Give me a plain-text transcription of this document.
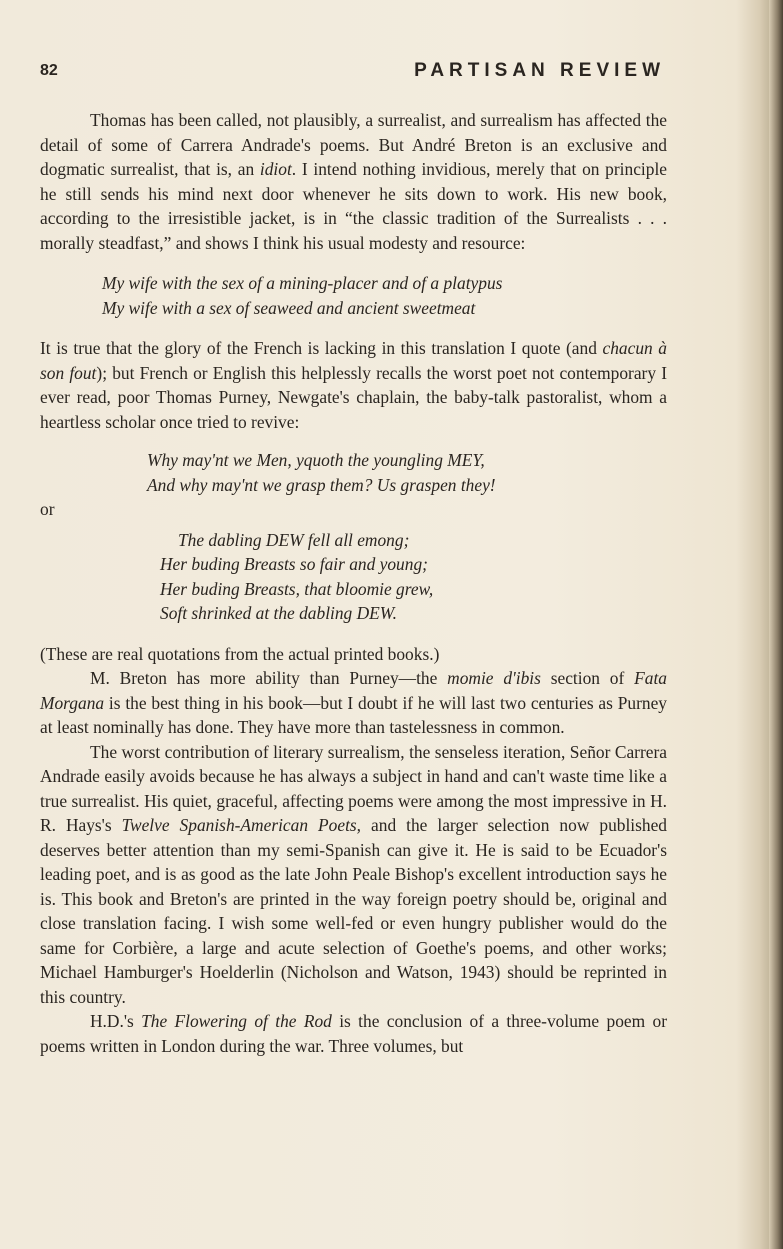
82	PARTISAN REVIEW

Thomas has been called, not plausibly, a surrealist, and surrealism has affected the detail of some of Carrera Andrade's poems. But André Breton is an exclusive and dogmatic surrealist, that is, an idiot. I intend nothing invidious, merely that on principle he still sends his mind next door whenever he sits down to work. His new book, according to the irresistible jacket, is in “the classic tradition of the Surrealists . . . morally steadfast,” and shows I think his usual modesty and resource:

My wife with the sex of a mining-placer and of a platypus
My wife with a sex of seaweed and ancient sweetmeat

It is true that the glory of the French is lacking in this translation I quote (and chacun à son fout); but French or English this helplessly recalls the worst poet not contemporary I ever read, poor Thomas Purney, Newgate's chaplain, the baby-talk pastoralist, whom a heartless scholar once tried to revive:

Why may'nt we Men, yquoth the youngling MEY,
And why may'nt we grasp them? Us graspen they!

or

The dabling DEW fell all emong;
Her buding Breasts so fair and young;
Her buding Breasts, that bloomie grew,
Soft shrinked at the dabling DEW.

(These are real quotations from the actual printed books.)

M. Breton has more ability than Purney—the momie d'ibis section of Fata Morgana is the best thing in his book—but I doubt if he will last two centuries as Purney at least nominally has done. They have more than tastelessness in common.

The worst contribution of literary surrealism, the senseless iteration, Señor Carrera Andrade easily avoids because he has always a subject in hand and can't waste time like a true surrealist. His quiet, graceful, affecting poems were among the most impressive in H. R. Hays's Twelve Spanish-American Poets, and the larger selection now published deserves better attention than my semi-Spanish can give it. He is said to be Ecuador's leading poet, and is as good as the late John Peale Bishop's excellent introduction says he is. This book and Breton's are printed in the way foreign poetry should be, original and close translation facing. I wish some well-fed or even hungry publisher would do the same for Corbière, a large and acute selection of Goethe's poems, and other works; Michael Hamburger's Hoelderlin (Nicholson and Watson, 1943) should be reprinted in this country.

H.D.'s The Flowering of the Rod is the conclusion of a three-volume poem or poems written in London during the war. Three volumes, but
